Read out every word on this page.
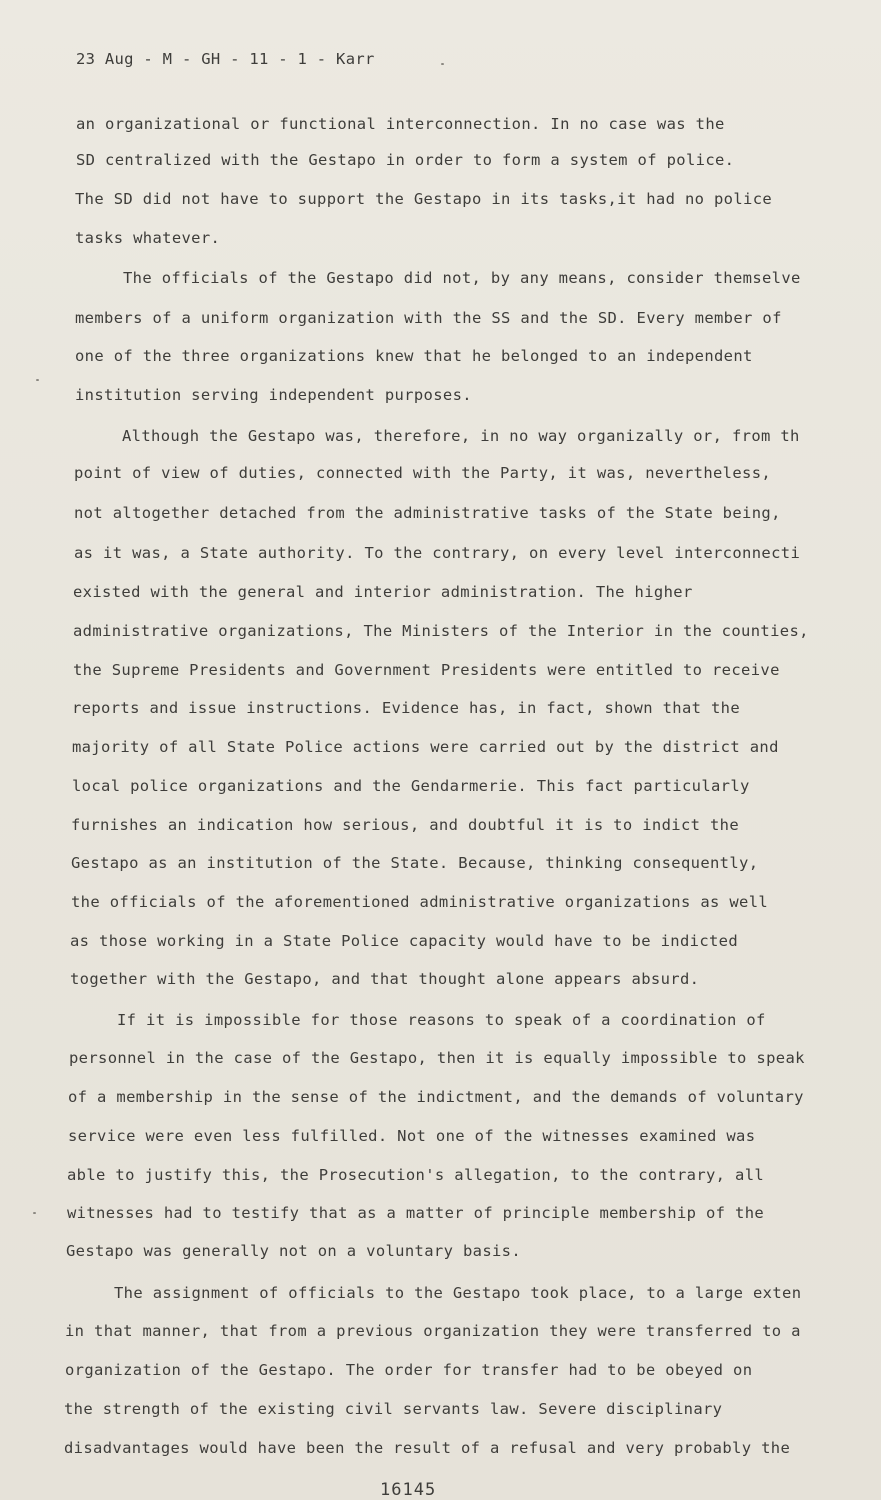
23 Aug - M - GH - 11 - 1 - Karr
an organizational or functional interconnection. In no case was the
SD centralized with the Gestapo in order to form a system of police.
The SD did not have to support the Gestapo in its tasks,it had no police
tasks whatever.
The officials of the Gestapo did not, by any means, consider themselve
members of a uniform organization with the SS and the SD. Every member of
one of the three organizations knew that he belonged to an independent
institution serving independent purposes.
Although the Gestapo was, therefore, in no way organizally or, from th
point of view of duties, connected with the Party, it was, nevertheless,
not altogether detached from the administrative tasks of the State being,
as it was, a State authority. To the contrary, on every level interconnecti
existed with the general and interior administration. The higher
administrative organizations, The Ministers of the Interior in the counties,
the Supreme Presidents and Government Presidents were entitled to receive
reports and issue instructions. Evidence has, in fact, shown that the
majority of all State Police actions were carried out by the district and
local police organizations and the Gendarmerie. This fact particularly
furnishes an indication how serious, and doubtful it is to indict the
Gestapo as an institution of the State. Because, thinking consequently,
the officials of the aforementioned administrative organizations as well
as those working in a State Police capacity would have to be indicted
together with the Gestapo, and that thought alone appears absurd.
If it is impossible for those reasons to speak of a coordination of
personnel in the case of the Gestapo, then it is equally impossible to speak
of a membership in the sense of the indictment, and the demands of voluntary
service were even less fulfilled. Not one of the witnesses examined was
able to justify this, the Prosecution's allegation, to the contrary, all
witnesses had to testify that as a matter of principle membership of the
Gestapo was generally not on a voluntary basis.
The assignment of officials to the Gestapo took place, to a large exten
in that manner, that from a previous organization they were transferred to a
organization of the Gestapo. The order for transfer had to be obeyed on
the strength of the existing civil servants law. Severe disciplinary
disadvantages would have been the result of a refusal and very probably the
16145
